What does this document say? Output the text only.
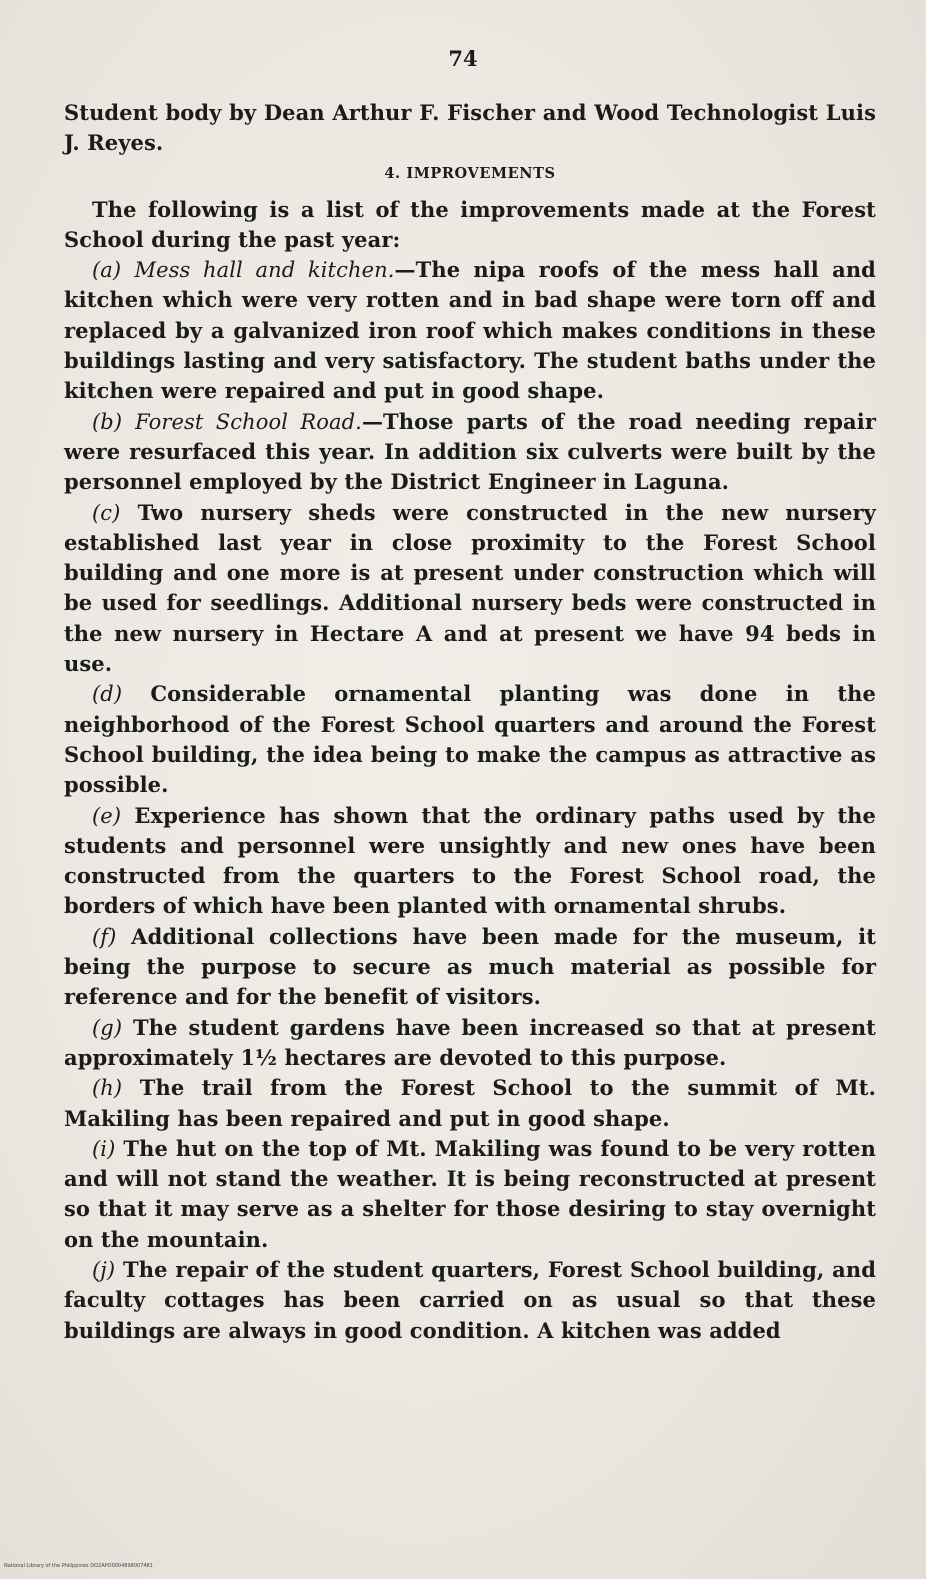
74

Student body by Dean Arthur F. Fischer and Wood Technologist Luis J. Reyes.

4. IMPROVEMENTS

The following is a list of the improvements made at the Forest School during the past year:

(a) Mess hall and kitchen.—The nipa roofs of the mess hall and kitchen which were very rotten and in bad shape were torn off and replaced by a galvanized iron roof which makes conditions in these buildings lasting and very satisfactory. The student baths under the kitchen were repaired and put in good shape.

(b) Forest School Road.—Those parts of the road needing repair were resurfaced this year. In addition six culverts were built by the personnel employed by the District Engineer in Laguna.

(c) Two nursery sheds were constructed in the new nursery established last year in close proximity to the Forest School building and one more is at present under construction which will be used for seedlings. Additional nursery beds were constructed in the new nursery in Hectare A and at present we have 94 beds in use.

(d) Considerable ornamental planting was done in the neighborhood of the Forest School quarters and around the Forest School building, the idea being to make the campus as attractive as possible.

(e) Experience has shown that the ordinary paths used by the students and personnel were unsightly and new ones have been constructed from the quarters to the Forest School road, the borders of which have been planted with ornamental shrubs.

(f) Additional collections have been made for the museum, it being the purpose to secure as much material as possible for reference and for the benefit of visitors.

(g) The student gardens have been increased so that at present approximately 1½ hectares are devoted to this purpose.

(h) The trail from the Forest School to the summit of Mt. Makiling has been repaired and put in good shape.

(i) The hut on the top of Mt. Makiling was found to be very rotten and will not stand the weather. It is being reconstructed at present so that it may serve as a shelter for those desiring to stay overnight on the mountain.

(j) The repair of the student quarters, Forest School building, and faculty cottages has been carried on as usual so that these buildings are always in good condition. A kitchen was added

National Library of the Philippines DO2APO0004898007481
